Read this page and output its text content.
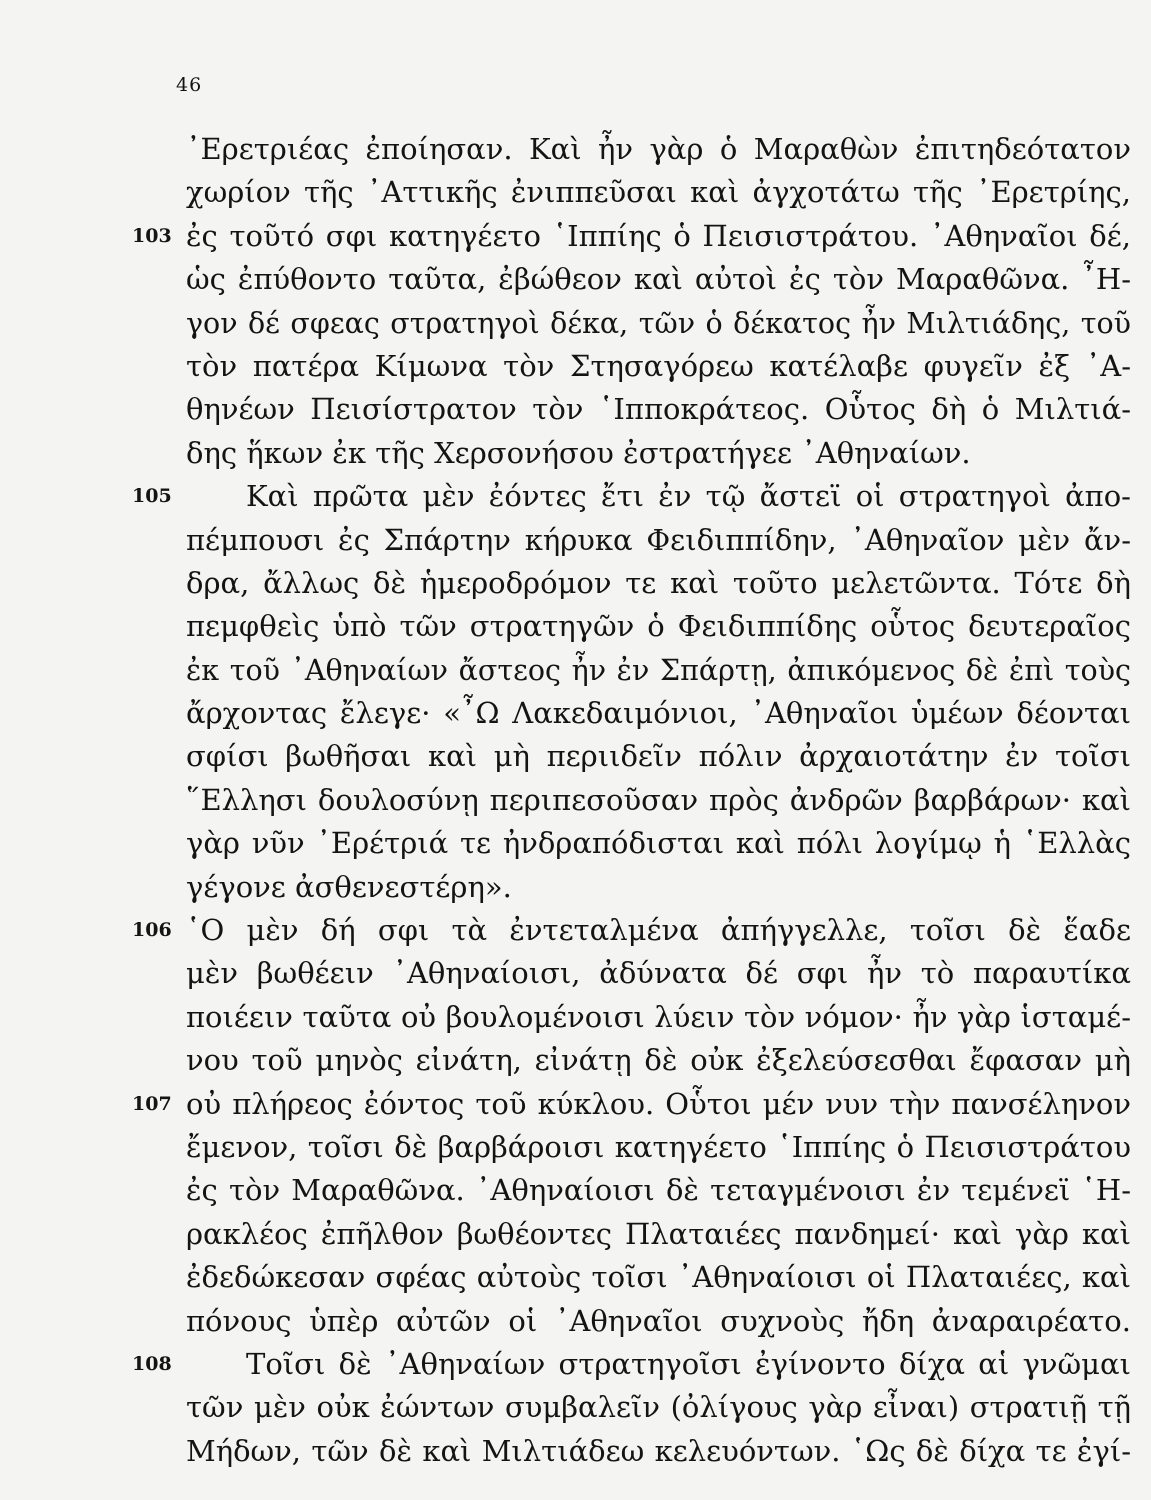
46
᾿Ερετριέας ἐποίησαν. Καὶ ἦν γὰρ ὁ Μαραθὼν ἐπιτηδεότατον
χωρίον τῆς ᾿Αττικῆς ἐνιππεῦσαι καὶ ἀγχοτάτω τῆς ᾿Ερετρίης,
103 ἐς τοῦτό σφι κατηγέετο ῾Ιππίης ὁ Πεισιστράτου. ᾿Αθηναῖοι δέ,
ὡς ἐπύθοντο ταῦτα, ἐβώθεον καὶ αὐτοὶ ἐς τὸν Μαραθῶνα. ῏Η-
γον δέ σφεας στρατηγοὶ δέκα, τῶν ὁ δέκατος ἦν Μιλτιάδης, τοῦ
τὸν πατέρα Κίμωνα τὸν Στησαγόρεω κατέλαβε φυγεῖν ἐξ ᾿Α-
θηνέων Πεισίστρατον τὸν ῾Ιπποκράτεος. Οὗτος δὴ ὁ Μιλτιά-
δης ἥκων ἐκ τῆς Χερσονήσου ἐστρατήγεε ᾿Αθηναίων.
105	Καὶ πρῶτα μὲν ἐόντες ἔτι ἐν τῷ ἄστεϊ οἱ στρατηγοὶ ἀπο-
πέμπουσι ἐς Σπάρτην κήρυκα Φειδιππίδην, ᾿Αθηναῖον μὲν ἄν-
δρα, ἄλλως δὲ ἡμεροδρόμον τε καὶ τοῦτο μελετῶντα. Τότε δὴ
πεμφθεὶς ὑπὸ τῶν στρατηγῶν ὁ Φειδιππίδης οὗτος δευτεραῖος
ἐκ τοῦ ᾿Αθηναίων ἄστεος ἦν ἐν Σπάρτῃ, ἀπικόμενος δὲ ἐπὶ τοὺς
ἄρχοντας ἔλεγε· «῏Ω Λακεδαιμόνιοι, ᾿Αθηναῖοι ὑμέων δέονται
σφίσι βωθῆσαι καὶ μὴ περιιδεῖν πόλιν ἀρχαιοτάτην ἐν τοῖσι
῞Ελλησι δουλοσύνῃ περιπεσοῦσαν πρὸς ἀνδρῶν βαρβάρων· καὶ
γὰρ νῦν ᾿Ερέτριά τε ἠνδραπόδισται καὶ πόλι λογίμῳ ἡ ῾Ελλὰς
γέγονε ἀσθενεστέρη».
106 ῾Ο μὲν δή σφι τὰ ἐντεταλμένα ἀπήγγελλε, τοῖσι δὲ ἕαδε
μὲν βωθέειν ᾿Αθηναίοισι, ἀδύνατα δέ σφι ἦν τὸ παραυτίκα
ποιέειν ταῦτα οὐ βουλομένοισι λύειν τὸν νόμον· ἦν γὰρ ἱσταμέ-
νου τοῦ μηνὸς εἰνάτη, εἰνάτῃ δὲ οὐκ ἐξελεύσεσθαι ἔφασαν μὴ
107 οὐ πλήρεος ἐόντος τοῦ κύκλου. Οὗτοι μέν νυν τὴν πανσέληνον
ἔμενον, τοῖσι δὲ βαρβάροισι κατηγέετο ῾Ιππίης ὁ Πεισιστράτου
ἐς τὸν Μαραθῶνα. ᾿Αθηναίοισι δὲ τεταγμένοισι ἐν τεμένεϊ ῾Η-
ρακλέος ἐπῆλθον βωθέοντες Πλαταιέες πανδημεί· καὶ γὰρ καὶ
ἐδεδώκεσαν σφέας αὐτοὺς τοῖσι ᾿Αθηναίοισι οἱ Πλαταιέες, καὶ
πόνους ὑπὲρ αὐτῶν οἱ ᾿Αθηναῖοι συχνοὺς ἤδη ἀναραιρέατο.
108	Τοῖσι δὲ ᾿Αθηναίων στρατηγοῖσι ἐγίνοντο δίχα αἱ γνῶμαι
τῶν μὲν οὐκ ἐώντων συμβαλεῖν (ὀλίγους γὰρ εἶναι) στρατιῇ τῇ
Μήδων, τῶν δὲ καὶ Μιλτιάδεω κελευόντων. ῾Ως δὲ δίχα τε ἐγί-
